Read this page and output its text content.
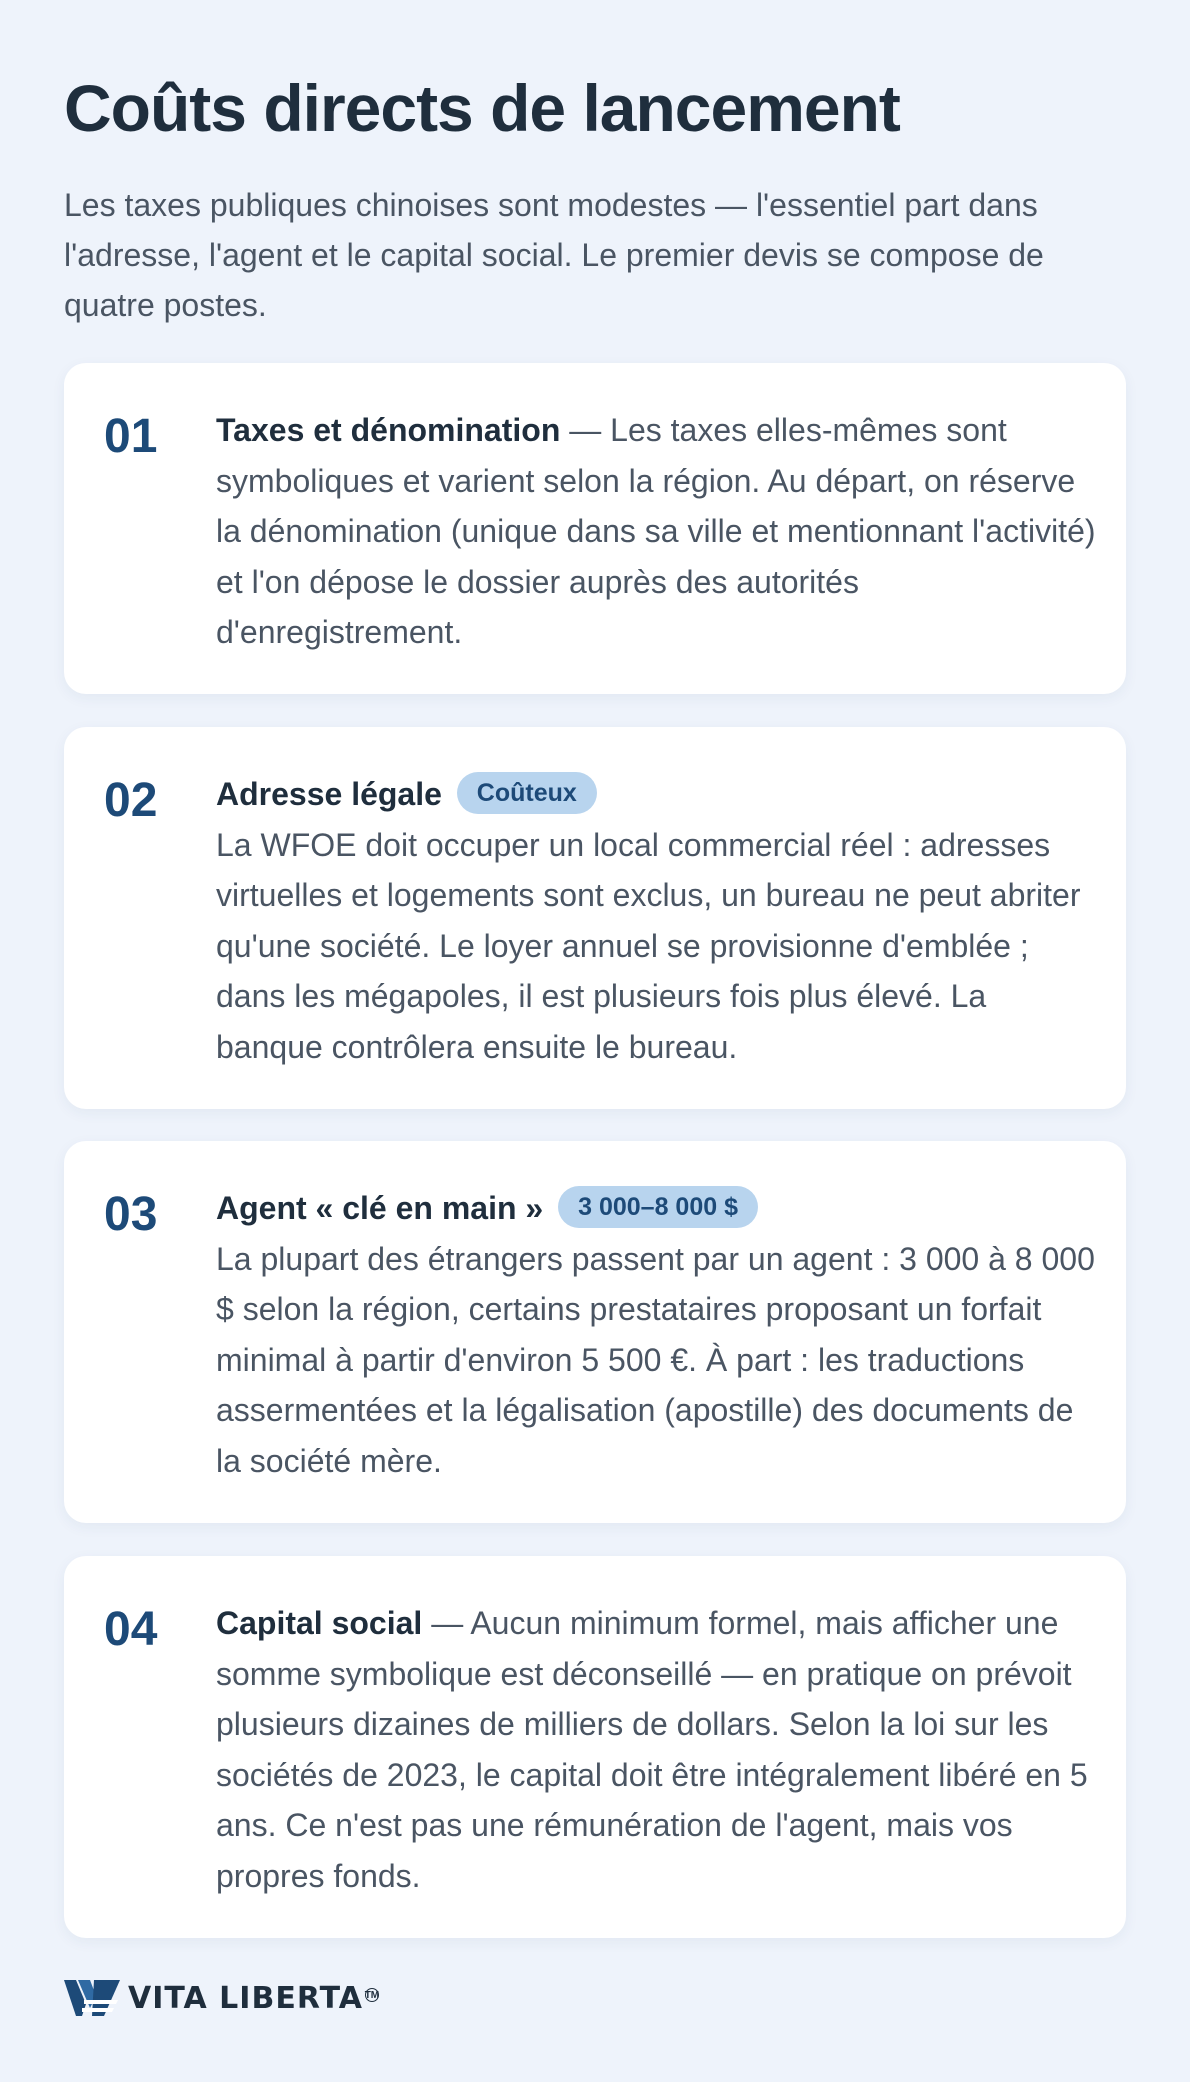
Coûts directs de lancement

Les taxes publiques chinoises sont modestes — l'essentiel part dans l'adresse, l'agent et le capital social. Le premier devis se compose de quatre postes.

01 Taxes et dénomination — Les taxes elles-mêmes sont symboliques et varient selon la région. Au départ, on réserve la dénomination (unique dans sa ville et mentionnant l'activité) et l'on dépose le dossier auprès des autorités d'enregistrement.
02 Adresse légale Coûteux
La WFOE doit occuper un local commercial réel : adresses virtuelles et logements sont exclus, un bureau ne peut abriter qu'une société. Le loyer annuel se provisionne d'emblée ; dans les mégapoles, il est plusieurs fois plus élevé. La banque contrôlera ensuite le bureau.
03 Agent « clé en main » 3 000–8 000 $
La plupart des étrangers passent par un agent : 3 000 à 8 000 $ selon la région, certains prestataires proposant un forfait minimal à partir d'environ 5 500 €. À part : les traductions assermentées et la légalisation (apostille) des documents de la société mère.
04 Capital social — Aucun minimum formel, mais afficher une somme symbolique est déconseillé — en pratique on prévoit plusieurs dizaines de milliers de dollars. Selon la loi sur les sociétés de 2023, le capital doit être intégralement libéré en 5 ans. Ce n'est pas une rémunération de l'agent, mais vos propres fonds.
VITA LIBERTA TM
